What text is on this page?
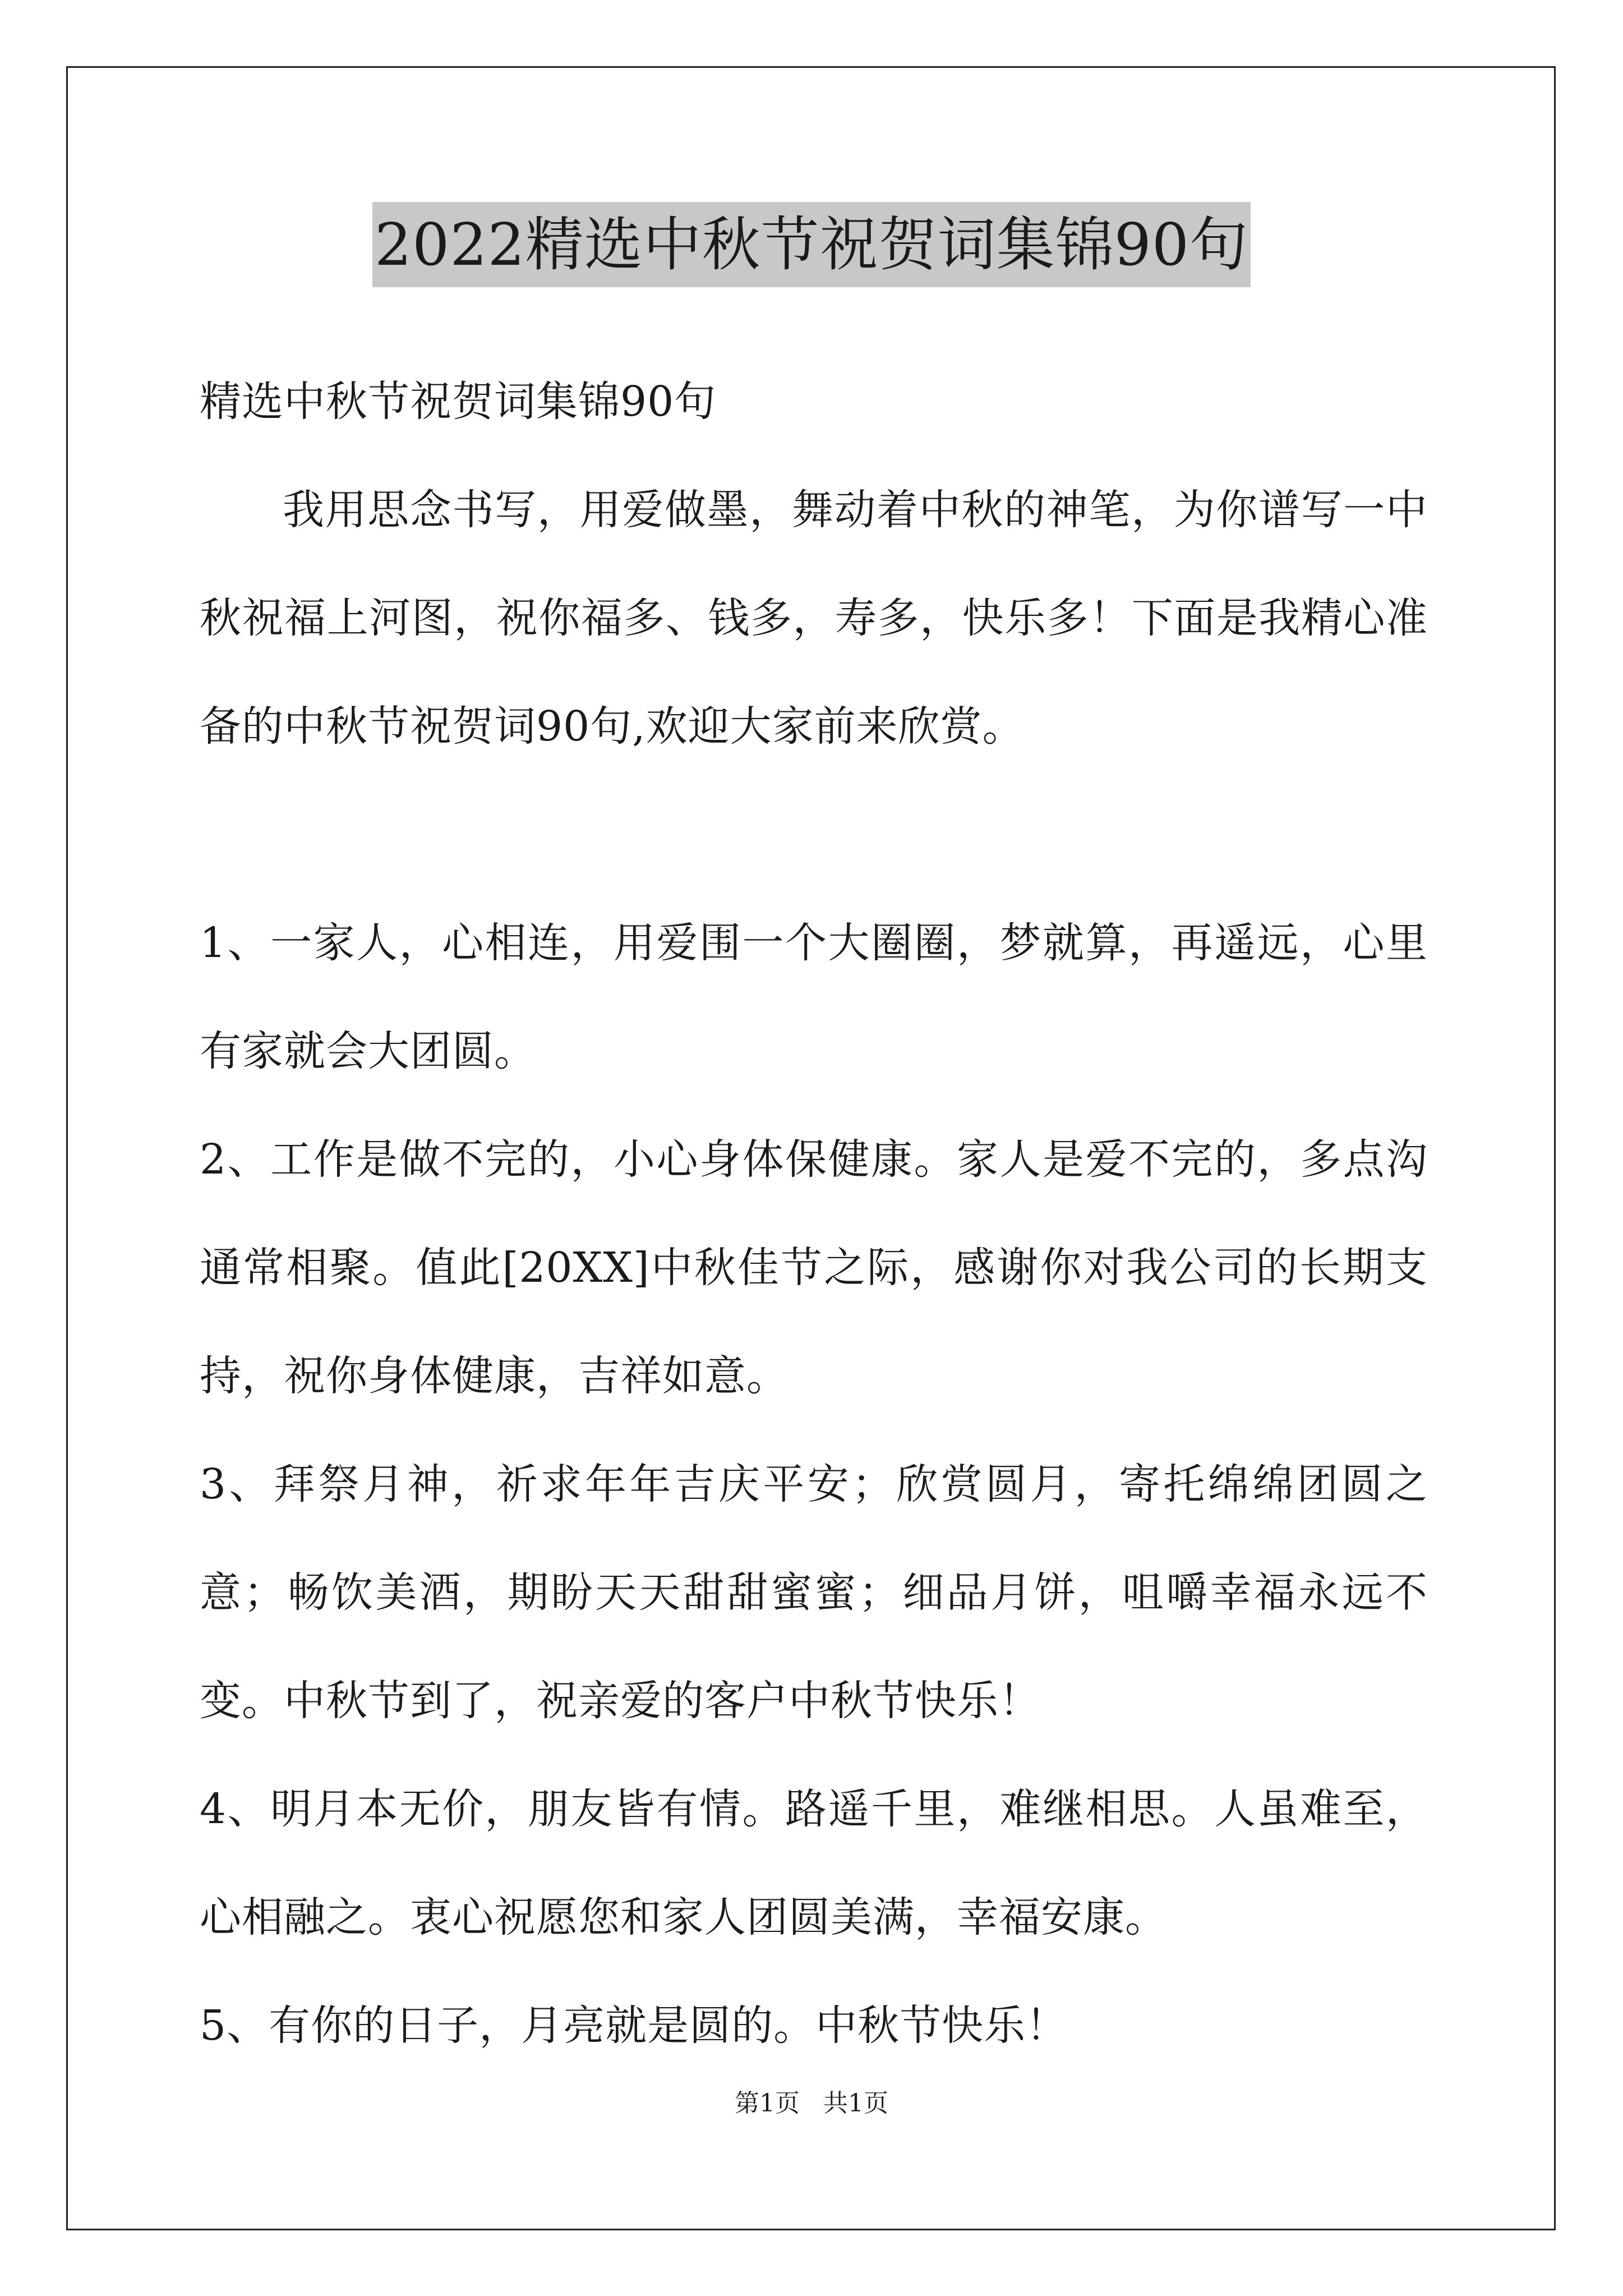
2022精选中秋节祝贺词集锦90句

精选中秋节祝贺词集锦90句

我用思念书写，用爱做墨，舞动着中秋的神笔，为你谱写一中秋祝福上河图，祝你福多、钱多，寿多，快乐多！下面是我精心准备的中秋节祝贺词90句,欢迎大家前来欣赏。

1、一家人，心相连，用爱围一个大圈圈，梦就算，再遥远，心里有家就会大团圆。

2、工作是做不完的，小心身体保健康。家人是爱不完的，多点沟通常相聚。值此[20XX]中秋佳节之际，感谢你对我公司的长期支持，祝你身体健康，吉祥如意。

3、拜祭月神，祈求年年吉庆平安；欣赏圆月，寄托绵绵团圆之意；畅饮美酒，期盼天天甜甜蜜蜜；细品月饼，咀嚼幸福永远不变。中秋节到了，祝亲爱的客户中秋节快乐！

4、明月本无价，朋友皆有情。路遥千里，难继相思。人虽难至，心相融之。衷心祝愿您和家人团圆美满，幸福安康。

5、有你的日子，月亮就是圆的。中秋节快乐！

第1页   共1页
